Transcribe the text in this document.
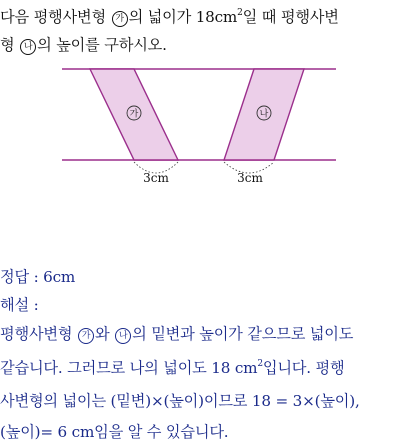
다음 평행사변형 가 의 넓이가 $18cm^2$일 때 평행사변
형 나 의 높이를 구하시오.
가	나
3cm	3cm
정답 : 6cm
해설 :
평행사변형 가 와 나 의 밑변과 높이가 같으므로 넓이도
같습니다. 그러므로 나의 넓이도 18 $cm^2$입니다. 평행
사변형의 넓이는 (밑변)×(높이)이므로 18 = 3×(높이),
(높이)= 6 cm임을 알 수 있습니다.
